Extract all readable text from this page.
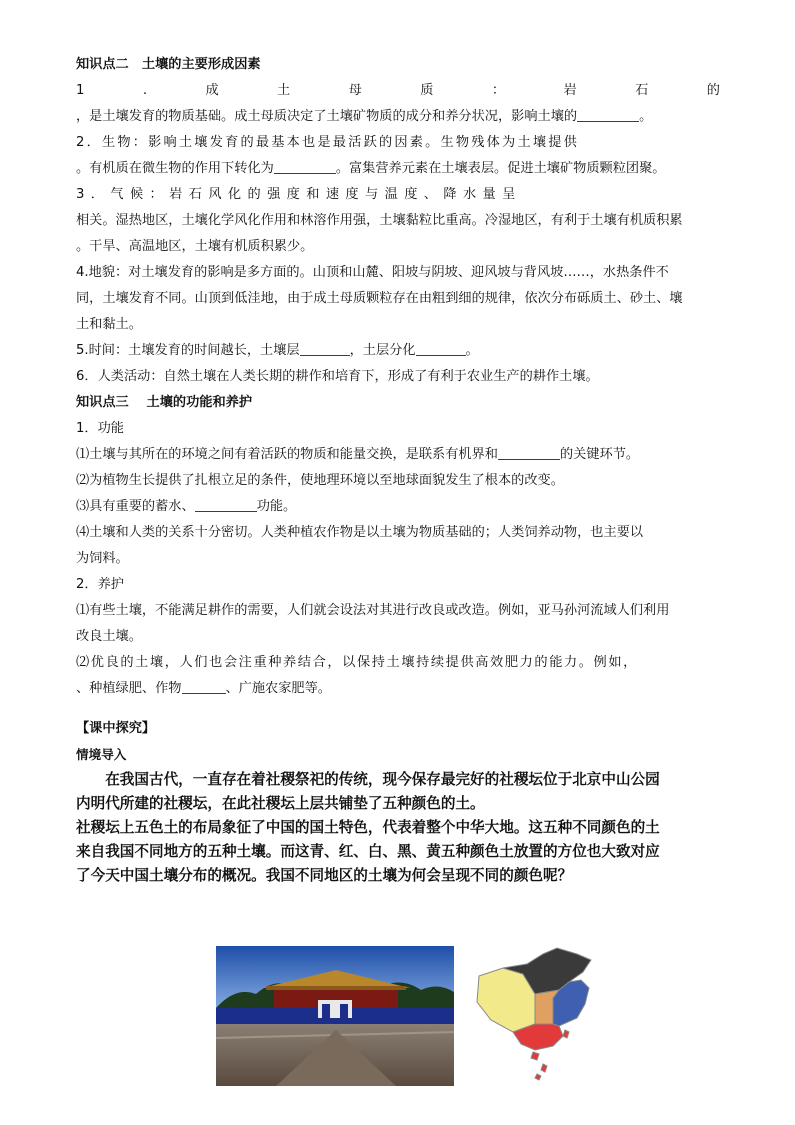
知识点二　土壤的主要形成因素
1	.	成	土	母	质	：	岩	石	的
，是土壤发育的物质基础。成土母质决定了土壤矿物质的成分和养分状况，影响土壤的	。
2．生物：影响土壤发育的最基本也是最活跃的因素。生物残体为土壤提供
。有机质在微生物的作用下转化为	。富集营养元素在土壤表层。促进土壤矿物质颗粒团聚。
3．气候：岩石风化的强度和速度与温度、降水量呈
相关。湿热地区，土壤化学风化作用和林溶作用强，土壤黏粒比重高。冷湿地区，有利于土壤有机质积累
。干旱、高温地区，土壤有机质积累少。
4.地貌：对土壤发育的影响是多方面的。山顶和山麓、阳坡与阴坡、迎风坡与背风坡……，水热条件不
同，土壤发育不同。山顶到低洼地，由于成土母质颗粒存在由粗到细的规律，依次分布砾质土、砂土、壤
土和黏土。
5.时间：土壤发育的时间越长，土壤层	，土层分化	。
6．人类活动：自然土壤在人类长期的耕作和培育下，形成了有利于农业生产的耕作土壤。
知识点三　 土壤的功能和养护
1．功能
⑴土壤与其所在的环境之间有着活跃的物质和能量交换，是联系有机界和	的关键环节。
⑵为植物生长提供了扎根立足的条件，使地理环境以至地球面貌发生了根本的改变。
⑶具有重要的蓄水、	功能。
⑷土壤和人类的关系十分密切。人类种植农作物是以土壤为物质基础的；人类饲养动物，也主要以
为饲料。
2．养护
⑴有些土壤，不能满足耕作的需要，人们就会设法对其进行改良或改造。例如，亚马孙河流域人们利用
改良土壤。
⑵优良的土壤，人们也会注重种养结合，以保持土壤持续提供高效肥力的能力。例如，
、种植绿肥、作物	、广施农家肥等。
【课中探究】
情境导入
　　在我国古代，一直存在着社稷祭祀的传统，现今保存最完好的社稷坛位于北京中山公园
内明代所建的社稷坛，在此社稷坛上层共铺垫了五种颜色的土。
社稷坛上五色土的布局象征了中国的国土特色，代表着整个中华大地。这五种不同颜色的土
来自我国不同地方的五种土壤。而这青、红、白、黑、黄五种颜色土放置的方位也大致对应
了今天中国土壤分布的概况。我国不同地区的土壤为何会呈现不同的颜色呢？
